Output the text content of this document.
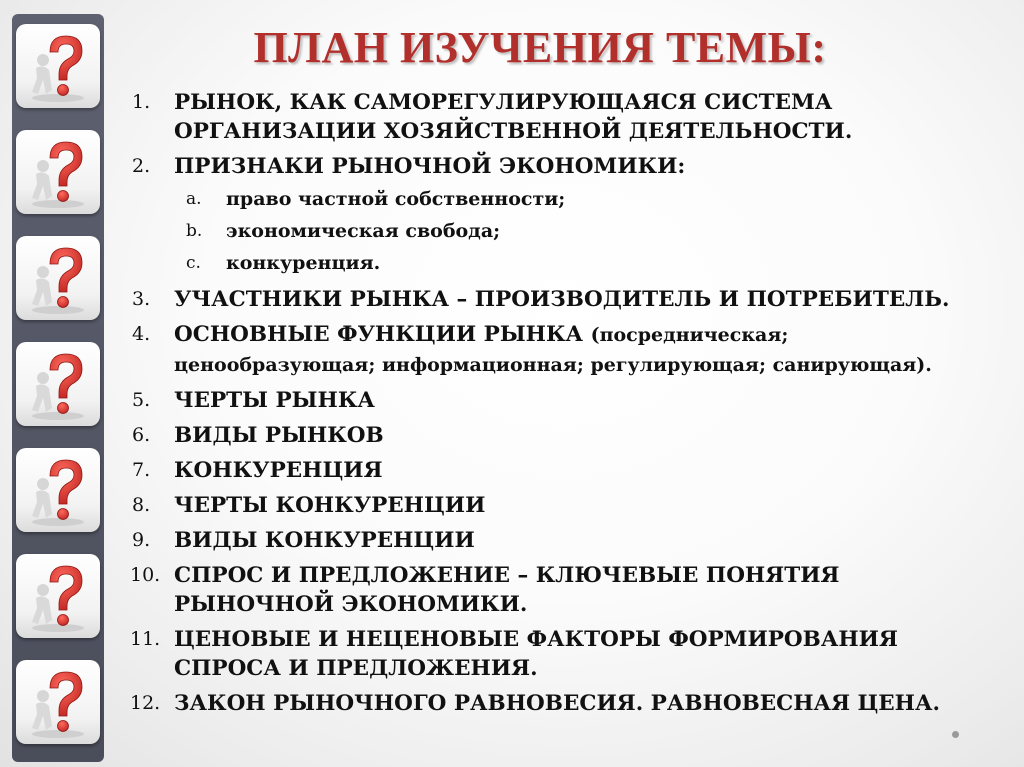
ПЛАН ИЗУЧЕНИЯ ТЕМЫ:
1. РЫНОК, КАК САМОРЕГУЛИРУЮЩАЯСЯ СИСТЕМА ОРГАНИЗАЦИИ ХОЗЯЙСТВЕННОЙ ДЕЯТЕЛЬНОСТИ.
2. ПРИЗНАКИ РЫНОЧНОЙ ЭКОНОМИКИ:
a. право частной собственности;
b. экономическая свобода;
c. конкуренция.
3. УЧАСТНИКИ РЫНКА – ПРОИЗВОДИТЕЛЬ И ПОТРЕБИТЕЛЬ.
4. ОСНОВНЫЕ ФУНКЦИИ РЫНКА (посредническая; ценообразующая; информационная; регулирующая; санирующая).
5. ЧЕРТЫ РЫНКА
6. ВИДЫ РЫНКОВ
7. КОНКУРЕНЦИЯ
8. ЧЕРТЫ КОНКУРЕНЦИИ
9. ВИДЫ КОНКУРЕНЦИИ
10. СПРОС И ПРЕДЛОЖЕНИЕ – КЛЮЧЕВЫЕ ПОНЯТИЯ РЫНОЧНОЙ ЭКОНОМИКИ.
11. ЦЕНОВЫЕ И НЕЦЕНОВЫЕ ФАКТОРЫ ФОРМИРОВАНИЯ СПРОСА И ПРЕДЛОЖЕНИЯ.
12. ЗАКОН РЫНОЧНОГО РАВНОВЕСИЯ. РАВНОВЕСНАЯ ЦЕНА.
